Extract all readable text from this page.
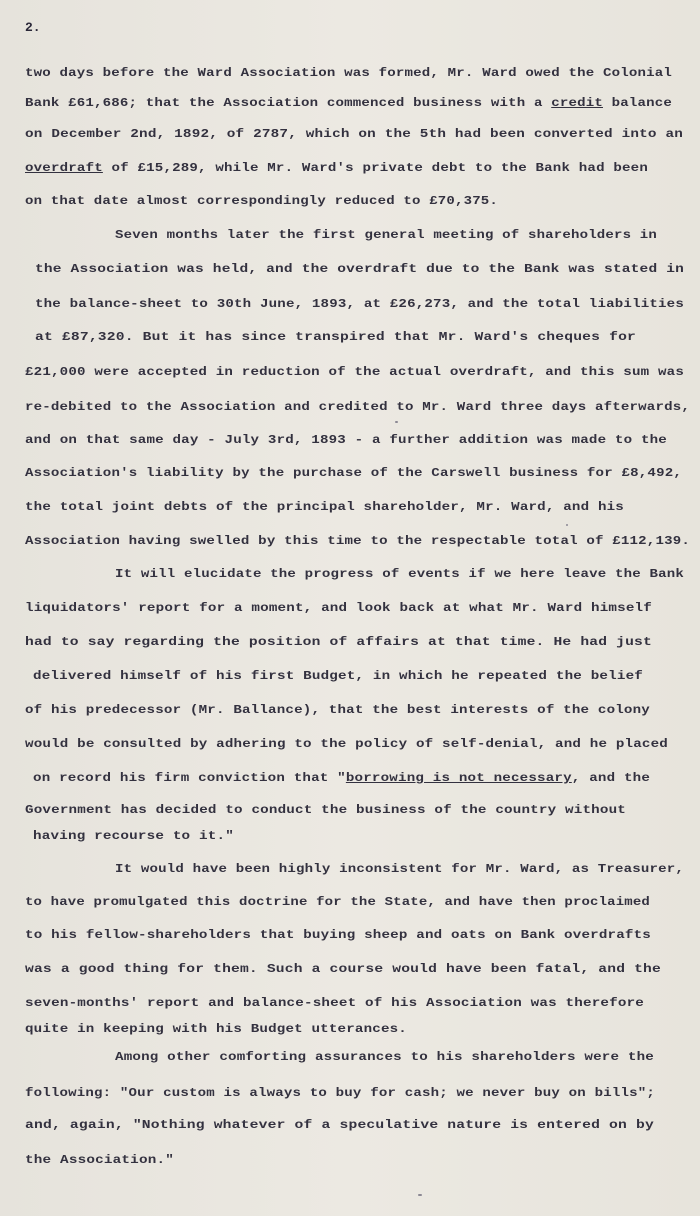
2.
two days before the Ward Association was formed, Mr. Ward owed the Colonial
Bank £61,686; that the Association commenced business with a credit balance
on December 2nd, 1892, of 2787, which on the 5th had been converted into an
overdraft of £15,289, while Mr. Ward's private debt to the Bank had been
on that date almost correspondingly reduced to £70,375.
Seven months later the first general meeting of shareholders in
the Association was held, and the overdraft due to the Bank was stated in
the balance-sheet to 30th June, 1893, at £26,273, and the total liabilities
at £87,320. But it has since transpired that Mr. Ward's cheques for
£21,000 were accepted in reduction of the actual overdraft, and this sum was
re-debited to the Association and credited to Mr. Ward three days afterwards,
and on that same day - July 3rd, 1893 - a further addition was made to the
Association's liability by the purchase of the Carswell business for £8,492,
the total joint debts of the principal shareholder, Mr. Ward, and his
Association having swelled by this time to the respectable total of £112,139.
It will elucidate the progress of events if we here leave the Bank
liquidators' report for a moment, and look back at what Mr. Ward himself
had to say regarding the position of affairs at that time. He had just
delivered himself of his first Budget, in which he repeated the belief
of his predecessor (Mr. Ballance), that the best interests of the colony
would be consulted by adhering to the policy of self-denial, and he placed
on record his firm conviction that "borrowing is not necessary, and the
Government has decided to conduct the business of the country without
having recourse to it."
It would have been highly inconsistent for Mr. Ward, as Treasurer,
to have promulgated this doctrine for the State, and have then proclaimed
to his fellow-shareholders that buying sheep and oats on Bank overdrafts
was a good thing for them. Such a course would have been fatal, and the
seven-months' report and balance-sheet of his Association was therefore
quite in keeping with his Budget utterances.
Among other comforting assurances to his shareholders were the
following: "Our custom is always to buy for cash; we never buy on bills";
and, again, "Nothing whatever of a speculative nature is entered on by
the Association."
